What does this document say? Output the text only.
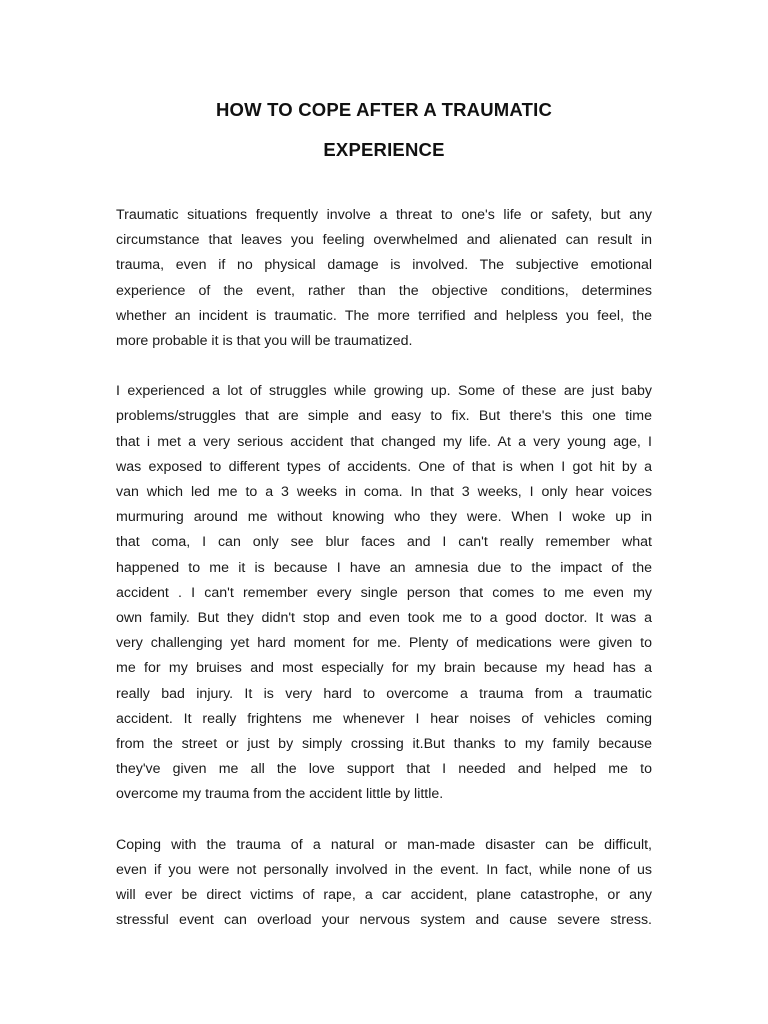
HOW TO COPE AFTER A TRAUMATIC
EXPERIENCE
Traumatic situations frequently involve a threat to one's life or safety, but any
circumstance that leaves you feeling overwhelmed and alienated can result in
trauma, even if no physical damage is involved. The subjective emotional
experience of the event, rather than the objective conditions, determines
whether an incident is traumatic. The more terrified and helpless you feel, the
more probable it is that you will be traumatized.
I experienced a lot of struggles while growing up. Some of these are just baby
problems/struggles that are simple and easy to fix. But there's this one time
that i met a very serious accident that changed my life. At a very young age, I
was exposed to different types of accidents. One of that is when I got hit by a
van which led me to a 3 weeks in coma. In that 3 weeks, I only hear voices
murmuring around me without knowing who they were. When I woke up in
that coma, I can only see blur faces and I can't really remember what
happened to me it is because I have an amnesia due to the impact of the
accident . I can't remember every single person that comes to me even my
own family. But they didn't stop and even took me to a good doctor. It was a
very challenging yet hard moment for me. Plenty of medications were given to
me for my bruises and most especially for my brain because my head has a
really bad injury. It is very hard to overcome a trauma from a traumatic
accident. It really frightens me whenever I hear noises of vehicles coming
from the street or just by simply crossing it.But thanks to my family because
they've given me all the love support that I needed and helped me to
overcome my trauma from the accident little by little.
Coping with the trauma of a natural or man-made disaster can be difficult,
even if you were not personally involved in the event. In fact, while none of us
will ever be direct victims of rape, a car accident, plane catastrophe, or any
stressful event can overload your nervous system and cause severe stress.
